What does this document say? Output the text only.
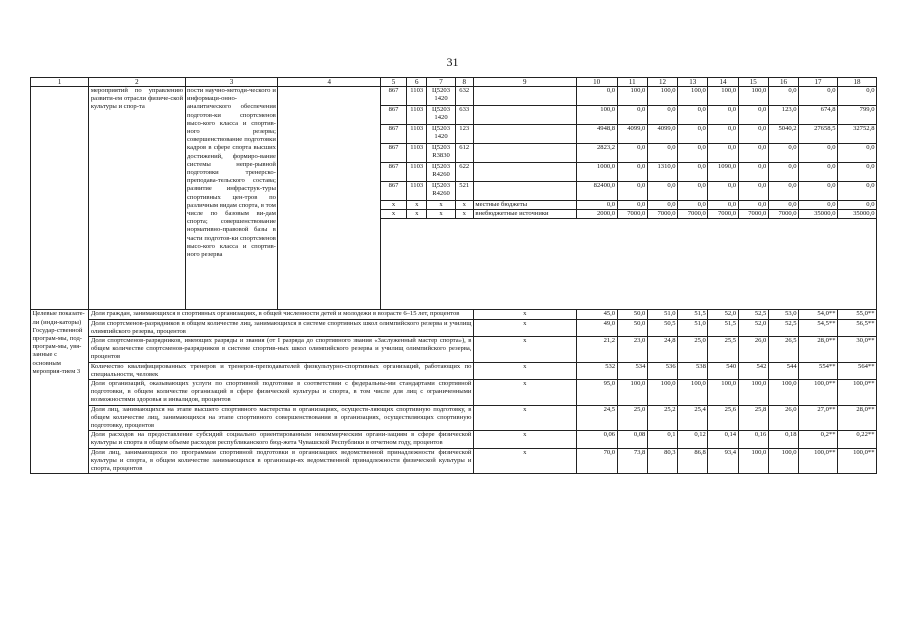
31
1	2	3	4	5	6	7	8	9	10	11	12	13	14	15	16	17	18
	мероприятий по управлению развити-ем отрасли физиче-ской культуры и спор-та	пости научно-методи-ческого и информаци-онно-аналитического обеспечения подготов-ки спортсменов высо-кого класса и спортив-ного резерва; совершенствование подготовки кадров в сфере спорта высших достижений, формиро-вание системы непре-рывной подготовки тренерско-преподава-тельского состава; развитие инфраструк-туры спортивных цен-тров по различным видам спорта, в том числе по базовым ви-дам спорта; совершенствование нормативно-правовой базы в части подготов-ки спортсменов высо-кого класса и спортив-ного резерва		867	1103	Ц5203 1420	632		0,0	100,0	100,0	100,0	100,0	100,0	0,0	0,0	0,0
				867	1103	Ц5203 1420	633		100,0	0,0	0,0	0,0	0,0	0,0	123,0	674,8	799,0
				867	1103	Ц5203 1420	123		4948,8	4099,0	4099,0	0,0	0,0	0,0	5040,2	27658,5	32752,8
				867	1103	Ц5203 R3830	612		2823,2	0,0	0,0	0,0	0,0	0,0	0,0	0,0	0,0
				867	1103	Ц5203 R4260	622		1000,0	0,0	1310,0	0,0	1090,0	0,0	0,0	0,0	0,0
				867	1103	Ц5203 R4260	521		82400,0	0,0	0,0	0,0	0,0	0,0	0,0	0,0	0,0
				x	x	x	x	местные бюджеты	0,0	0,0	0,0	0,0	0,0	0,0	0,0	0,0	0,0
				x	x	x	x	внебюджетные источники	2000,0	7000,0	7000,0	7000,0	7000,0	7000,0	7000,0	35000,0	35000,0

Целевые показате-ли (инди-каторы) Государ-ственной програм-мы, под-програм-мы, увя-занные с основным мероприя-тием 3	Доля граждан, занимающихся в спортивных организациях, в общей численности детей и молодежи в возрасте 6–15 лет, процентов							x	45,0	50,0	51,0	51,5	52,0	52,5	53,0	54,0**	55,0**
	Доля спортсменов-разрядников в общем количестве лиц, занимающихся в системе спортивных школ олимпийского резерва и училищ олимпийского резерва, процентов							x	49,0	50,0	50,5	51,0	51,5	52,0	52,5	54,5**	56,5**
	Доля спортсменов-разрядников, имеющих разряды и звания (от I разряда до спортивного звания «Заслуженный мастер спорта»), в общем количестве спортсменов-разрядников в системе спортив-ных школ олимпийского резерва и училищ олимпийского резерва, процентов							x	21,2	23,0	24,8	25,0	25,5	26,0	26,5	28,0**	30,0**
	Количество квалифицированных тренеров и тренеров-преподавателей физкультурно-спортивных организаций, работающих по специальности, человек							x	532	534	536	538	540	542	544	554**	564**
	Доля организаций, оказывающих услуги по спортивной подготовке в соответствии с федеральны-ми стандартами спортивной подготовки, в общем количестве организаций в сфере физической культуры и спорта, в том числе для лиц с ограниченными возможностями здоровья и инвалидов, процентов							x	95,0	100,0	100,0	100,0	100,0	100,0	100,0	100,0**	100,0**
	Доля лиц, занимающихся на этапе высшего спортивного мастерства в организациях, осуществ-ляющих спортивную подготовку, в общем количестве лиц, занимающихся на этапе спортивного совершенствования в организациях, осуществляющих спортивную подготовку, процентов							x	24,5	25,0	25,2	25,4	25,6	25,8	26,0	27,0**	28,0**
	Доля расходов на предоставление субсидий социально ориентированным некоммерческим органи-зациям в сфере физической культуры и спорта в общем объеме расходов республиканского бюд-жета Чувашской Республики в отчетном году, процентов							x	0,06	0,08	0,1	0,12	0,14	0,16	0,18	0,2**	0,22**
	Доля лиц, занимающихся по программам спортивной подготовки в организациях ведомственной принадлежности физической культуры и спорта, в общем количестве занимающихся в организаци-ях ведомственной принадлежности физической культуры и спорта, процентов							x	70,0	73,8	80,3	86,8	93,4	100,0	100,0	100,0**	100,0**
